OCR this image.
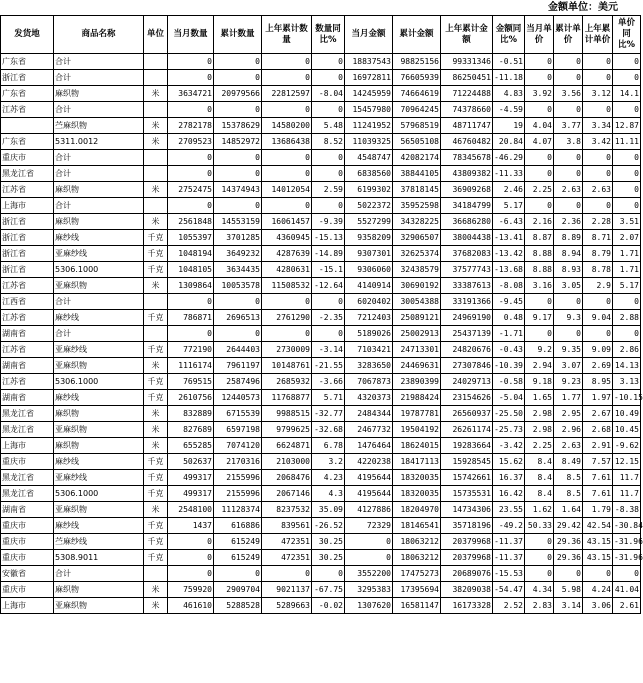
金额单位：美元
发货地	商品名称	单位	当月数量	累计数量	上年累计数量	数量同比%	当月金额	累计金额	上年累计金额	金额同比%	当月单价	累计单价	上年累计单价	单价同比%
广东省	合计		0	0	0	0	18837543	98825156	99331346	-0.51	0	0	0	0
浙江省	合计		0	0	0	0	16972811	76605939	86250451	-11.18	0	0	0	0
广东省	麻织物	米	3634721	20979566	22812597	-8.04	14245959	74664619	71224488	4.83	3.92	3.56	3.12	14.1
江苏省	合计		0	0	0	0	15457980	70964245	74378660	-4.59	0	0	0	0
	苎麻织物	米	2782178	15378629	14580200	5.48	11241952	57968519	48711747	19	4.04	3.77	3.34	12.87
广东省	5311.0012	米	2709523	14852972	13686438	8.52	11039325	56505108	46760482	20.84	4.07	3.8	3.42	11.11
重庆市	合计		0	0	0	0	4548747	42082174	78345678	-46.29	0	0	0	0
黑龙江省	合计		0	0	0	0	6838560	38844105	43809382	-11.33	0	0	0	0
江苏省	麻织物	米	2752475	14374943	14012054	2.59	6199302	37818145	36909268	2.46	2.25	2.63	2.63	0
上海市	合计		0	0	0	0	5022372	35952598	34184799	5.17	0	0	0	0
浙江省	麻织物	米	2561848	14553159	16061457	-9.39	5527299	34328225	36686280	-6.43	2.16	2.36	2.28	3.51
浙江省	麻纱线	千克	1055397	3701285	4360945	-15.13	9358209	32906507	38004438	-13.41	8.87	8.89	8.71	2.07
浙江省	亚麻纱线	千克	1048194	3649232	4287639	-14.89	9307301	32625374	37682083	-13.42	8.88	8.94	8.79	1.71
浙江省	5306.1000	千克	1048105	3634435	4280631	-15.1	9306060	32438579	37577743	-13.68	8.88	8.93	8.78	1.71
江苏省	亚麻织物	米	1309864	10053578	11508532	-12.64	4140914	30690192	33387613	-8.08	3.16	3.05	2.9	5.17
江西省	合计		0	0	0	0	6020402	30054388	33191366	-9.45	0	0	0	0
江苏省	麻纱线	千克	786871	2696513	2761290	-2.35	7212403	25089121	24969190	0.48	9.17	9.3	9.04	2.88
湖南省	合计		0	0	0	0	5189026	25002913	25437139	-1.71	0	0	0	0
江苏省	亚麻纱线	千克	772190	2644403	2730009	-3.14	7103421	24713301	24820676	-0.43	9.2	9.35	9.09	2.86
湖南省	亚麻织物	米	1116174	7961197	10148761	-21.55	3283650	24469631	27307846	-10.39	2.94	3.07	2.69	14.13
江苏省	5306.1000	千克	769515	2587496	2685932	-3.66	7067873	23890399	24029713	-0.58	9.18	9.23	8.95	3.13
湖南省	麻纱线	千克	2610756	12440573	11768877	5.71	4320373	21988424	23154626	-5.04	1.65	1.77	1.97	-10.15
黑龙江省	麻织物	米	832889	6715539	9988515	-32.77	2484344	19787781	26560937	-25.50	2.98	2.95	2.67	10.49
黑龙江省	亚麻织物	米	827689	6597198	9799625	-32.68	2467732	19504192	26261174	-25.73	2.98	2.96	2.68	10.45
上海市	麻织物	米	655285	7074120	6624871	6.78	1476464	18624015	19283664	-3.42	2.25	2.63	2.91	-9.62
重庆市	麻纱线	千克	502637	2170316	2103000	3.2	4220238	18417113	15928545	15.62	8.4	8.49	7.57	12.15
黑龙江省	亚麻纱线	千克	499317	2155996	2068476	4.23	4195644	18320035	15742661	16.37	8.4	8.5	7.61	11.7
黑龙江省	5306.1000	千克	499317	2155996	2067146	4.3	4195644	18320035	15735531	16.42	8.4	8.5	7.61	11.7
湖南省	亚麻织物	米	2548100	11128374	8237532	35.09	4127886	18204970	14734306	23.55	1.62	1.64	1.79	-8.38
重庆市	麻纱线	千克	1437	616886	839561	-26.52	72329	18146541	35718196	-49.2	50.33	29.42	42.54	-30.84
重庆市	苎麻纱线	千克	0	615249	472351	30.25	0	18063212	20379968	-11.37	0	29.36	43.15	-31.96
重庆市	5308.9011	千克	0	615249	472351	30.25	0	18063212	20379968	-11.37	0	29.36	43.15	-31.96
安徽省	合计		0	0	0	0	3552200	17475273	20689076	-15.53	0	0	0	0
重庆市	麻织物	米	759920	2909704	9021137	-67.75	3295383	17395694	38209038	-54.47	4.34	5.98	4.24	41.04
上海市	亚麻织物	米	461610	5288528	5289663	-0.02	1307620	16581147	16173328	2.52	2.83	3.14	3.06	2.61
